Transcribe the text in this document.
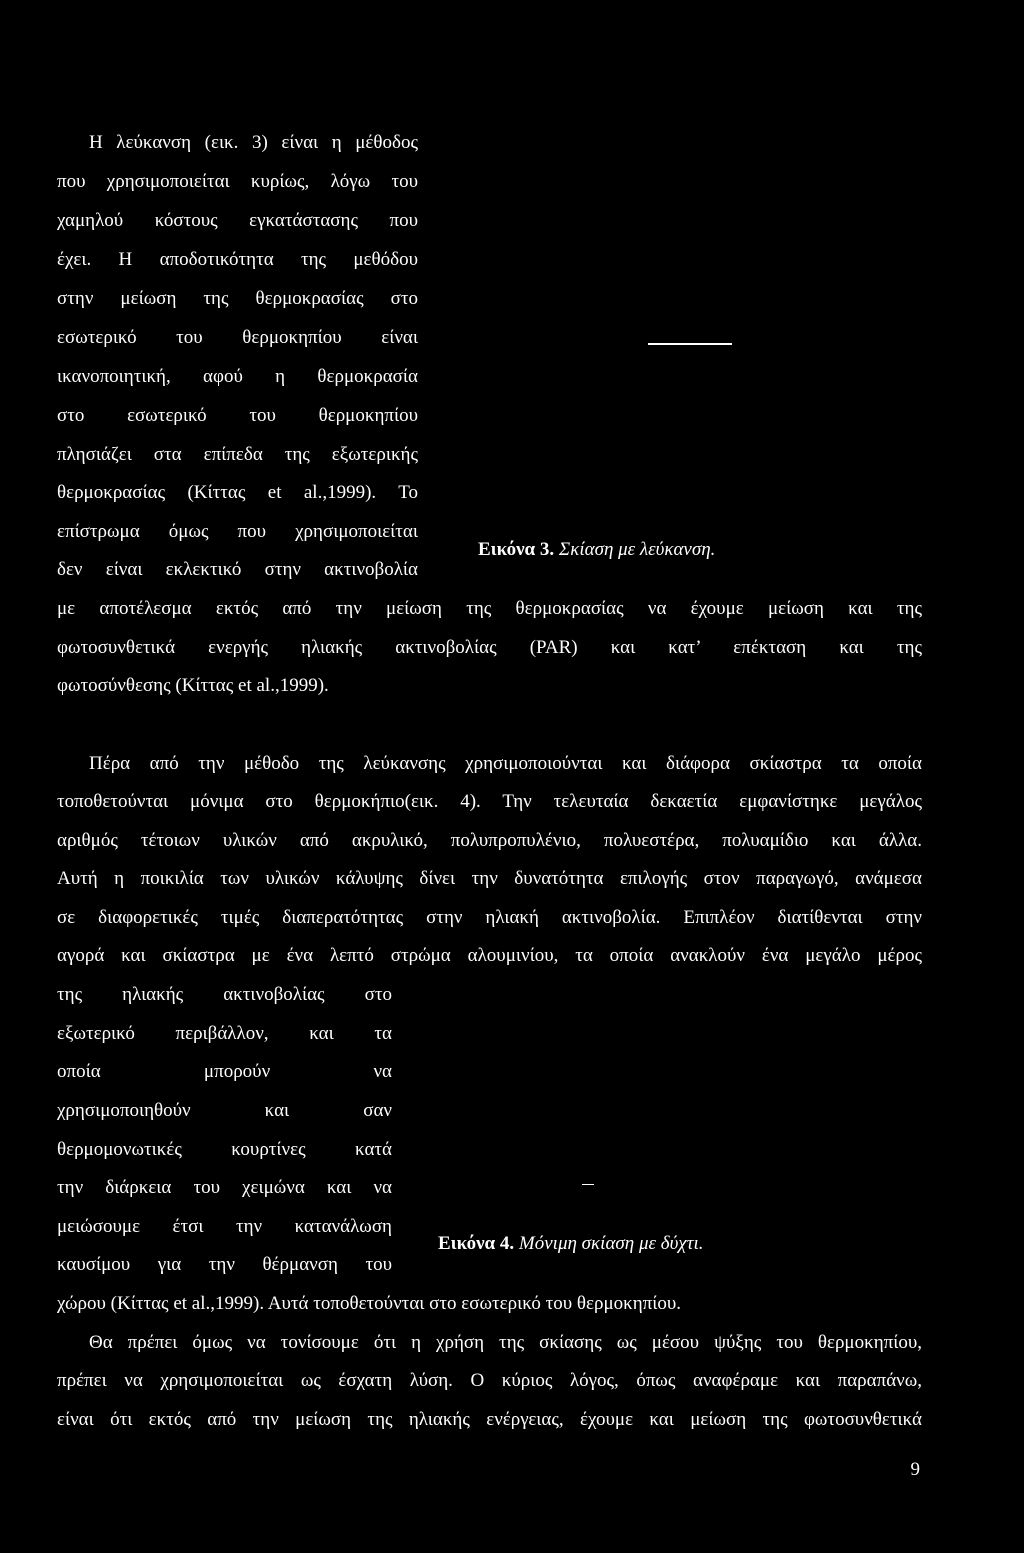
Η λεύκανση (εικ. 3) είναι η μέθοδος
που χρησιμοποιείται κυρίως, λόγω του
χαμηλού κόστους εγκατάστασης που
έχει. Η αποδοτικότητα της μεθόδου
στην μείωση της θερμοκρασίας στο
εσωτερικό του θερμοκηπίου είναι
ικανοποιητική, αφού η θερμοκρασία
στο εσωτερικό του θερμοκηπίου
πλησιάζει στα επίπεδα της εξωτερικής
θερμοκρασίας (Κίττας et al.,1999). Το
επίστρωμα όμως που χρησιμοποιείται
δεν είναι εκλεκτικό στην ακτινοβολία
Εικόνα 3. Σκίαση με λεύκανση.
με αποτέλεσμα εκτός από την μείωση της θερμοκρασίας να έχουμε μείωση και της
φωτοσυνθετικά ενεργής ηλιακής ακτινοβολίας (PAR) και κατ’ επέκταση και της
φωτοσύνθεσης (Κίττας et al.,1999).
Πέρα από την μέθοδο της λεύκανσης χρησιμοποιούνται και διάφορα σκίαστρα τα οποία
τοποθετούνται μόνιμα στο θερμοκήπιο(εικ. 4). Την τελευταία δεκαετία εμφανίστηκε μεγάλος
αριθμός τέτοιων υλικών από ακρυλικό, πολυπροπυλένιο, πολυεστέρα, πολυαμίδιο και άλλα.
Αυτή η ποικιλία των υλικών κάλυψης δίνει την δυνατότητα επιλογής στον παραγωγό, ανάμεσα
σε διαφορετικές τιμές διαπερατότητας στην ηλιακή ακτινοβολία. Επιπλέον διατίθενται στην
αγορά και σκίαστρα με ένα λεπτό στρώμα αλουμινίου, τα οποία ανακλούν ένα μεγάλο μέρος
της ηλιακής ακτινοβολίας στο
εξωτερικό περιβάλλον, και τα
οποία μπορούν να
χρησιμοποιηθούν και σαν
θερμομονωτικές κουρτίνες κατά
την διάρκεια του χειμώνα και να
μειώσουμε έτσι την κατανάλωση
καυσίμου για την θέρμανση του
Εικόνα 4. Μόνιμη σκίαση με δύχτι.
χώρου (Κίττας et al.,1999). Αυτά τοποθετούνται στο εσωτερικό του θερμοκηπίου.
Θα πρέπει όμως να τονίσουμε ότι η χρήση της σκίασης ως μέσου ψύξης του θερμοκηπίου,
πρέπει να χρησιμοποιείται ως έσχατη λύση. Ο κύριος λόγος, όπως αναφέραμε και παραπάνω,
είναι ότι εκτός από την μείωση της ηλιακής ενέργειας, έχουμε και μείωση της φωτοσυνθετικά
9
